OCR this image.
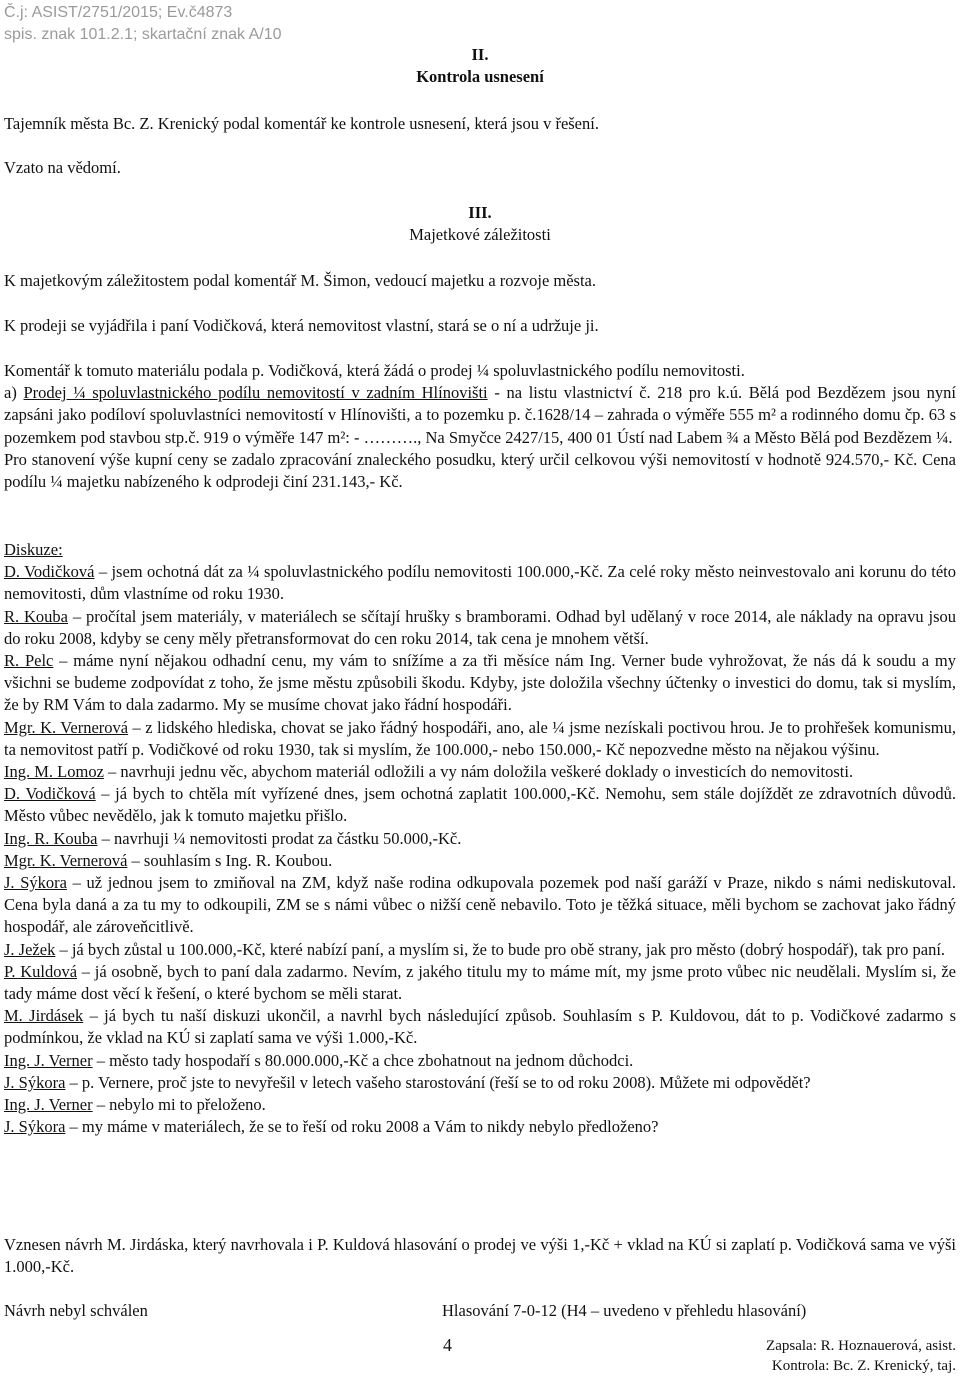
Č.j: ASIST/2751/2015; Ev.č4873
spis. znak 101.2.1; skartační znak A/10
II.
Kontrola usnesení
Tajemník města Bc. Z. Krenický podal komentář ke kontrole usnesení, která jsou v řešení.
Vzato na vědomí.
III.
Majetkové záležitosti
K majetkovým záležitostem podal komentář M. Šimon, vedoucí majetku a rozvoje města.
K prodeji se vyjádřila i paní Vodičková, která nemovitost vlastní, stará se o ní a udržuje ji.

Komentář k tomuto materiálu podala p. Vodičková, která žádá o prodej ¼ spoluvlastnického podílu nemovitosti.

a) Prodej ¼ spoluvlastnického podílu nemovitostí v zadním Hlínovišti - na listu vlastnictví č. 218 pro k.ú. Bělá pod Bezdězem jsou nyní zapsáni jako podíloví spoluvlastníci nemovitostí v Hlínovišti, a to pozemku p. č.1628/14 – zahrada o výměře 555 m² a rodinného domu čp. 63 s pozemkem pod stavbou stp.č. 919 o výměře 147 m²: - ………., Na Smyčce 2427/15, 400 01 Ústí nad Labem ¾ a Město Bělá pod Bezdězem ¼.

Pro stanovení výše kupní ceny se zadalo zpracování znaleckého posudku, který určil celkovou výši nemovitostí v hodnotě 924.570,- Kč. Cena podílu ¼ majetku nabízeného k odprodeji činí 231.143,- Kč.

Diskuze:

D. Vodičková – jsem ochotná dát za ¼ spoluvlastnického podílu nemovitosti 100.000,-Kč. Za celé roky město neinvestovalo ani korunu do této nemovitosti, dům vlastníme od roku 1930.

R. Kouba – pročítal jsem materiály, v materiálech se sčítají hrušky s bramborami. Odhad byl udělaný v roce 2014, ale náklady na opravu jsou do roku 2008, kdyby se ceny měly přetransformovat do cen roku 2014, tak cena je mnohem větší.

R. Pelc – máme nyní nějakou odhadní cenu, my vám to snížíme a za tři měsíce nám Ing. Verner bude vyhrožovat, že nás dá k soudu a my všichni se budeme zodpovídat z toho, že jsme městu způsobili škodu. Kdyby, jste doložila všechny účtenky o investici do domu, tak si myslím, že by RM Vám to dala zadarmo. My se musíme chovat jako řádní hospodáři.

Mgr. K. Vernerová – z lidského hlediska, chovat se jako řádný hospodáři, ano, ale ¼ jsme nezískali poctivou hrou. Je to prohřešek komunismu, ta nemovitost patří p. Vodičkové od roku 1930, tak si myslím, že 100.000,- nebo 150.000,- Kč nepozvedne město na nějakou výšinu.

Ing. M. Lomoz – navrhuji jednu věc, abychom materiál odložili a vy nám doložila veškeré doklady o investicích do nemovitosti.

D. Vodičková – já bych to chtěla mít vyřízené dnes, jsem ochotná zaplatit 100.000,-Kč. Nemohu, sem stále dojíždět ze zdravotních důvodů. Město vůbec nevědělo, jak k tomuto majetku přišlo.

Ing. R. Kouba – navrhuji ¼ nemovitosti prodat za částku 50.000,-Kč.

Mgr. K. Vernerová – souhlasím s Ing. R. Koubou.

J. Sýkora – už jednou jsem to zmiňoval na ZM, když naše rodina odkupovala pozemek pod naší garáží v Praze, nikdo s námi nediskutoval. Cena byla daná a za tu my to odkoupili, ZM se s námi vůbec o nižší ceně nebavilo. Toto je těžká situace, měli bychom se zachovat jako řádný hospodář, ale zároveňcitlivě.

J. Ježek – já bych zůstal u 100.000,-Kč, které nabízí paní, a myslím si, že to bude pro obě strany, jak pro město (dobrý hospodář), tak pro paní.

P. Kuldová – já osobně, bych to paní dala zadarmo. Nevím, z jakého titulu my to máme mít, my jsme proto vůbec nic neudělali. Myslím si, že tady máme dost věcí k řešení, o které bychom se měli starat.

M. Jirdásek – já bych tu naší diskuzi ukončil, a navrhl bych následující způsob. Souhlasím s P. Kuldovou, dát to p. Vodičkové zadarmo s podmínkou, že vklad na KÚ si zaplatí sama ve výši 1.000,-Kč.

Ing. J. Verner – město tady hospodaří s 80.000.000,-Kč a chce zbohatnout na jednom důchodci.

J. Sýkora – p. Vernere, proč jste to nevyřešil v letech vašeho starostování (řeší se to od roku 2008). Můžete mi odpovědět?

Ing. J. Verner – nebylo mi to přeloženo.

J. Sýkora – my máme v materiálech, že se to řeší od roku 2008 a Vám to nikdy nebylo předloženo?

Vznesen návrh M. Jirdáska, který navrhovala i P. Kuldová hlasování o prodej ve výši 1,-Kč + vklad na KÚ si zaplatí p. Vodičková sama ve výši 1.000,-Kč.
Návrh nebyl schválen	Hlasování 7-0-12 (H4 – uvedeno v přehledu hlasování)
4	Zapsala: R. Hoznauerová, asist.
Kontrola: Bc. Z. Krenický, taj.
